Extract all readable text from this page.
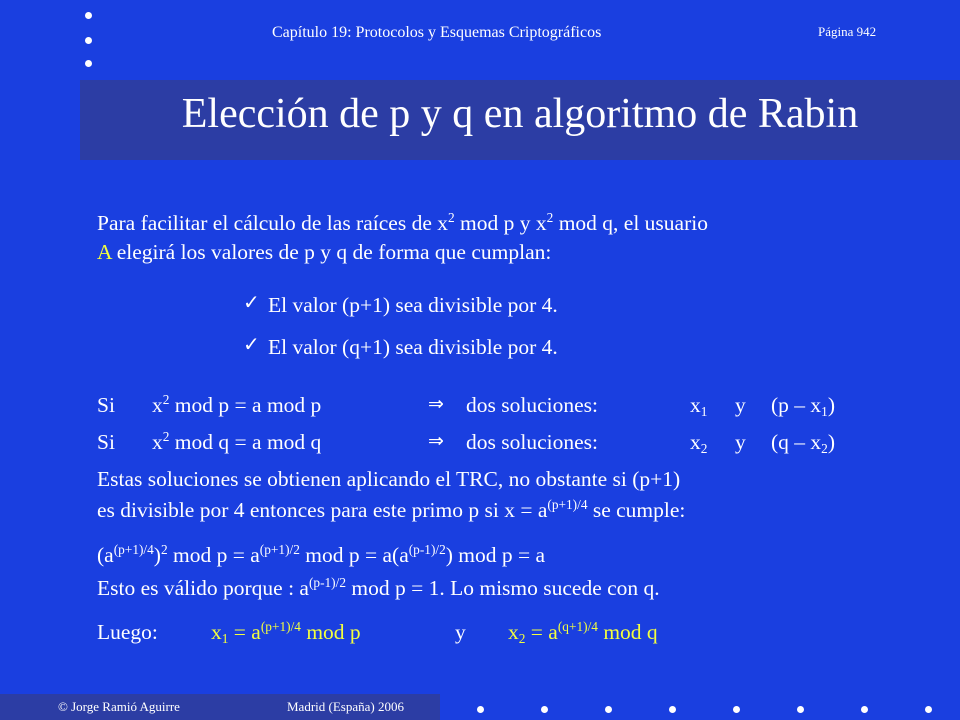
Capítulo 19: Protocolos y Esquemas Criptográficos	Página 942
Elección de p y q en algoritmo de Rabin
Para facilitar el cálculo de las raíces de $x^2$ mod p y $x^2$ mod q, el usuario
A elegirá los valores de p y q de forma que cumplan:
✓ El valor (p+1) sea divisible por 4.
✓ El valor (q+1) sea divisible por 4.
Si $x^2$ mod p = a mod p	⇒ dos soluciones:	$x_1$ y $(p - x_1)$
Si $x^2$ mod q = a mod q	⇒ dos soluciones:	$x_2$ y $(q - x_2)$
Estas soluciones se obtienen aplicando el TRC, no obstante si (p+1)
es divisible por 4 entonces para este primo p si $x = a^{(p+1)/4}$ se cumple:
$(a^{(p+1)/4})^2$ mod $p = a^{(p+1)/2}$ mod $p = a(a^{(p-1)/2})$ mod p = a
Esto es válido porque : $a^{(p-1)/2}$ mod p = 1. Lo mismo sucede con q.
Luego: $x_1 = a^{(p+1)/4}$ mod p	y $x_2 = a^{(q+1)/4}$ mod q
© Jorge Ramió Aguirre	Madrid (España) 2006
